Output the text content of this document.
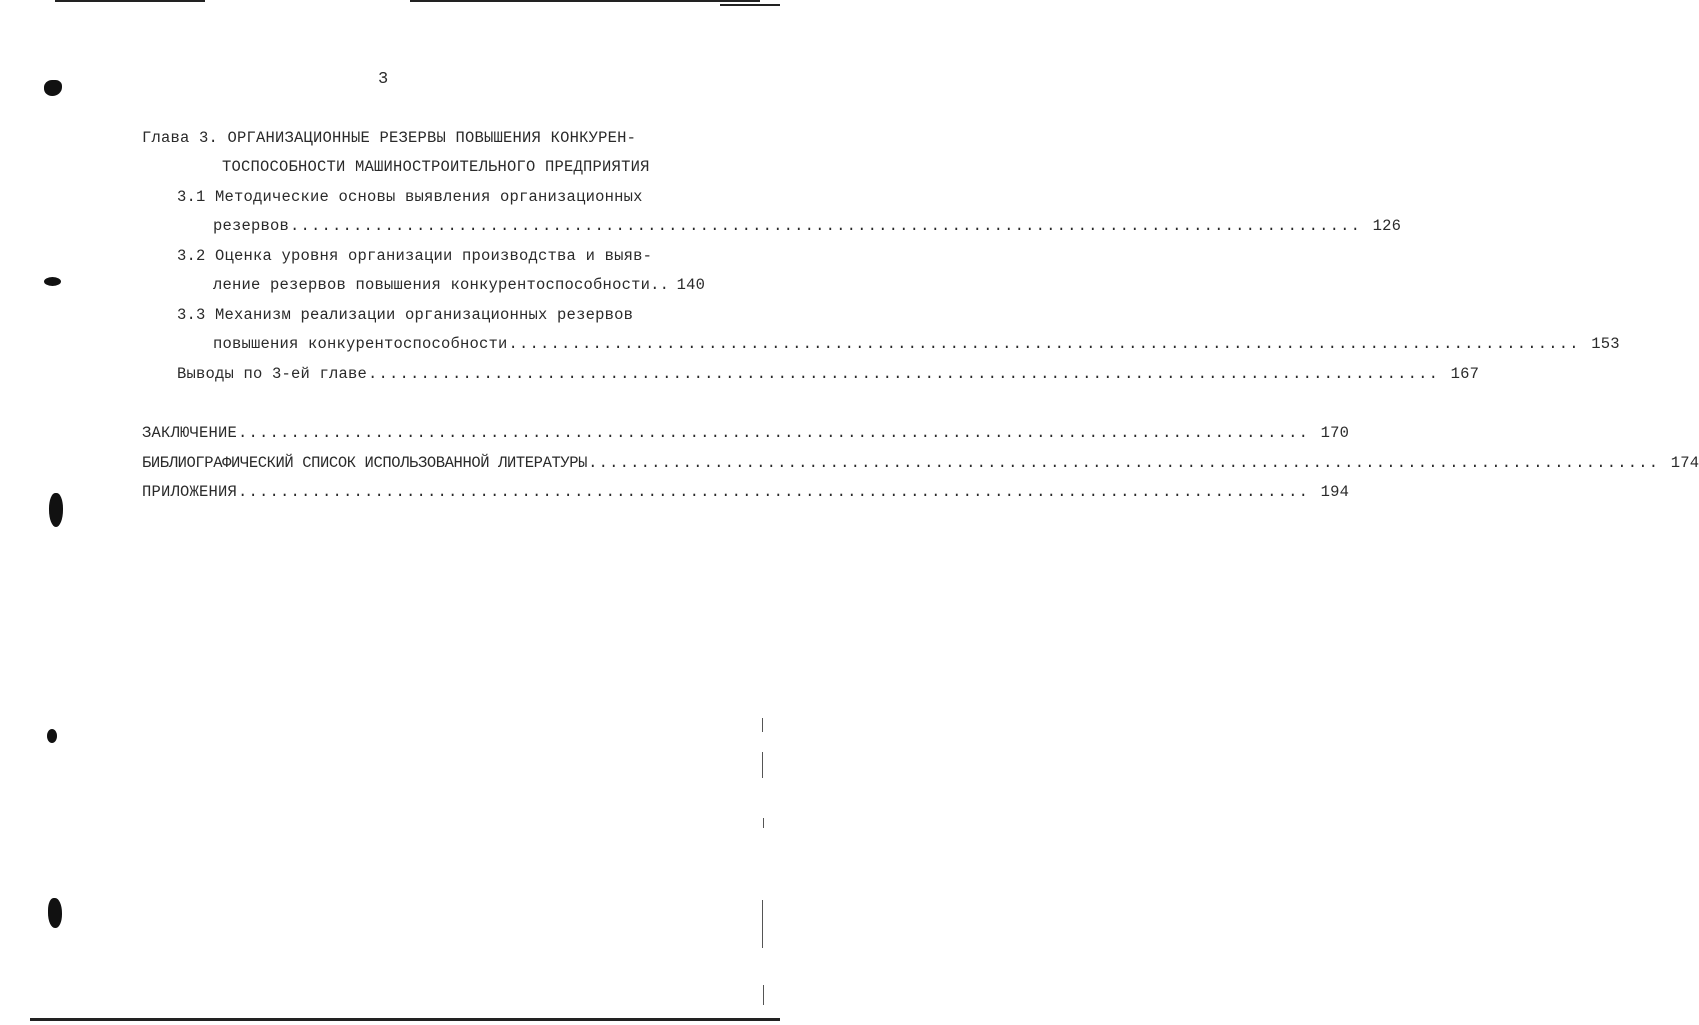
3
Глава 3. ОРГАНИЗАЦИОННЫЕ РЕЗЕРВЫ ПОВЫШЕНИЯ КОНКУРЕН-
ТОСПОСОБНОСТИ МАШИНОСТРОИТЕЛЬНОГО ПРЕДПРИЯТИЯ
3.1 Методические основы выявления организационных
резервов ...................................................................................................... 126
3.2 Оценка уровня организации производства и выяв-
ление резервов повышения конкурентоспособности.. 140
3.3 Механизм реализации организационных резервов
повышения конкурентоспособности ...................................................................................................... 153
Выводы по 3-ей главе ...................................................................................................... 167
ЗАКЛЮЧЕНИЕ ...................................................................................................... 170
БИБЛИОГРАФИЧЕСКИЙ СПИСОК ИСПОЛЬЗОВАННОЙ ЛИТЕРАТУРЫ ...................................................................................................... 174
ПРИЛОЖЕНИЯ ...................................................................................................... 194
